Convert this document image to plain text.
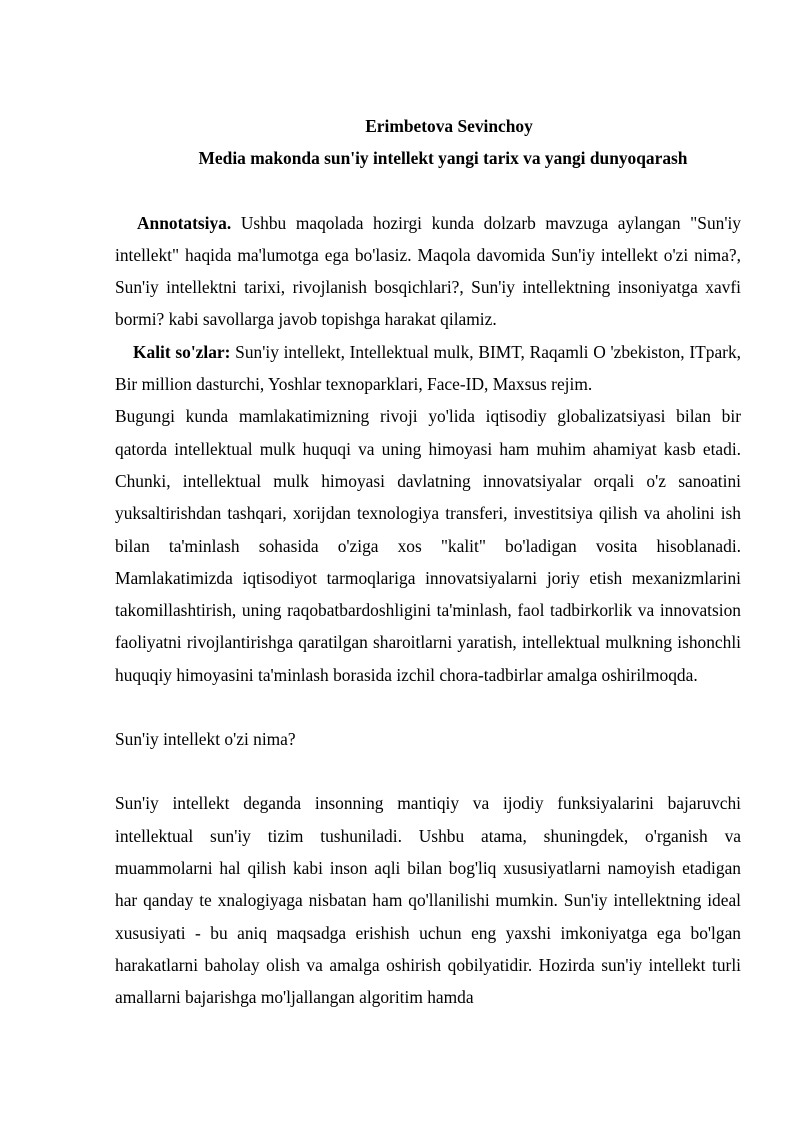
Erimbetova Sevinchoy

Media makonda sun'iy intellekt yangi tarix va yangi dunyoqarash

Annotatsiya. Ushbu maqolada hozirgi kunda dolzarb mavzuga aylangan "Sun'iy intellekt" haqida ma'lumotga ega bo'lasiz. Maqola davomida Sun'iy intellekt o'zi nima?, Sun'iy intellektni tarixi, rivojlanish bosqichlari?, Sun'iy intellektning insoniyatga xavfi bormi? kabi savollarga javob topishga harakat qilamiz.

Kalit so'zlar: Sun'iy intellekt, Intellektual mulk, BIMT, Raqamli O 'zbekiston, ITpark, Bir million dasturchi, Yoshlar texnoparklari, Face-ID, Maxsus rejim.

Bugungi kunda mamlakatimizning rivoji yo'lida iqtisodiy globalizatsiyasi bilan bir qatorda intellektual mulk huquqi va uning himoyasi ham muhim ahamiyat kasb etadi. Chunki, intellektual mulk himoyasi davlatning innovatsiyalar orqali o'z sanoatini yuksaltirishdan tashqari, xorijdan texnologiya transferi, investitsiya qilish va aholini ish bilan ta'minlash sohasida o'ziga xos "kalit" bo'ladigan vosita hisoblanadi. Mamlakatimizda iqtisodiyot tarmoqlariga innovatsiyalarni joriy etish mexanizmlarini takomillashtirish, uning raqobatbardoshligini ta'minlash, faol tadbirkorlik va innovatsion faoliyatni rivojlantirishga qaratilgan sharoitlarni yaratish, intellektual mulkning ishonchli huquqiy himoyasini ta'minlash borasida izchil chora-tadbirlar amalga oshirilmoqda.

Sun'iy intellekt o'zi nima?

Sun'iy intellekt deganda insonning mantiqiy va ijodiy funksiyalarini bajaruvchi intellektual sun'iy tizim tushuniladi. Ushbu atama, shuningdek, o'rganish va muammolarni hal qilish kabi inson aqli bilan bog'liq xususiyatlarni namoyish etadigan har qanday te xnalogiyaga nisbatan ham qo'llanilishi mumkin. Sun'iy intellektning ideal xususiyati - bu aniq maqsadga erishish uchun eng yaxshi imkoniyatga ega bo'lgan harakatlarni baholay olish va amalga oshirish qobilyatidir. Hozirda sun'iy intellekt turli amallarni bajarishga mo'ljallangan algoritim hamda
